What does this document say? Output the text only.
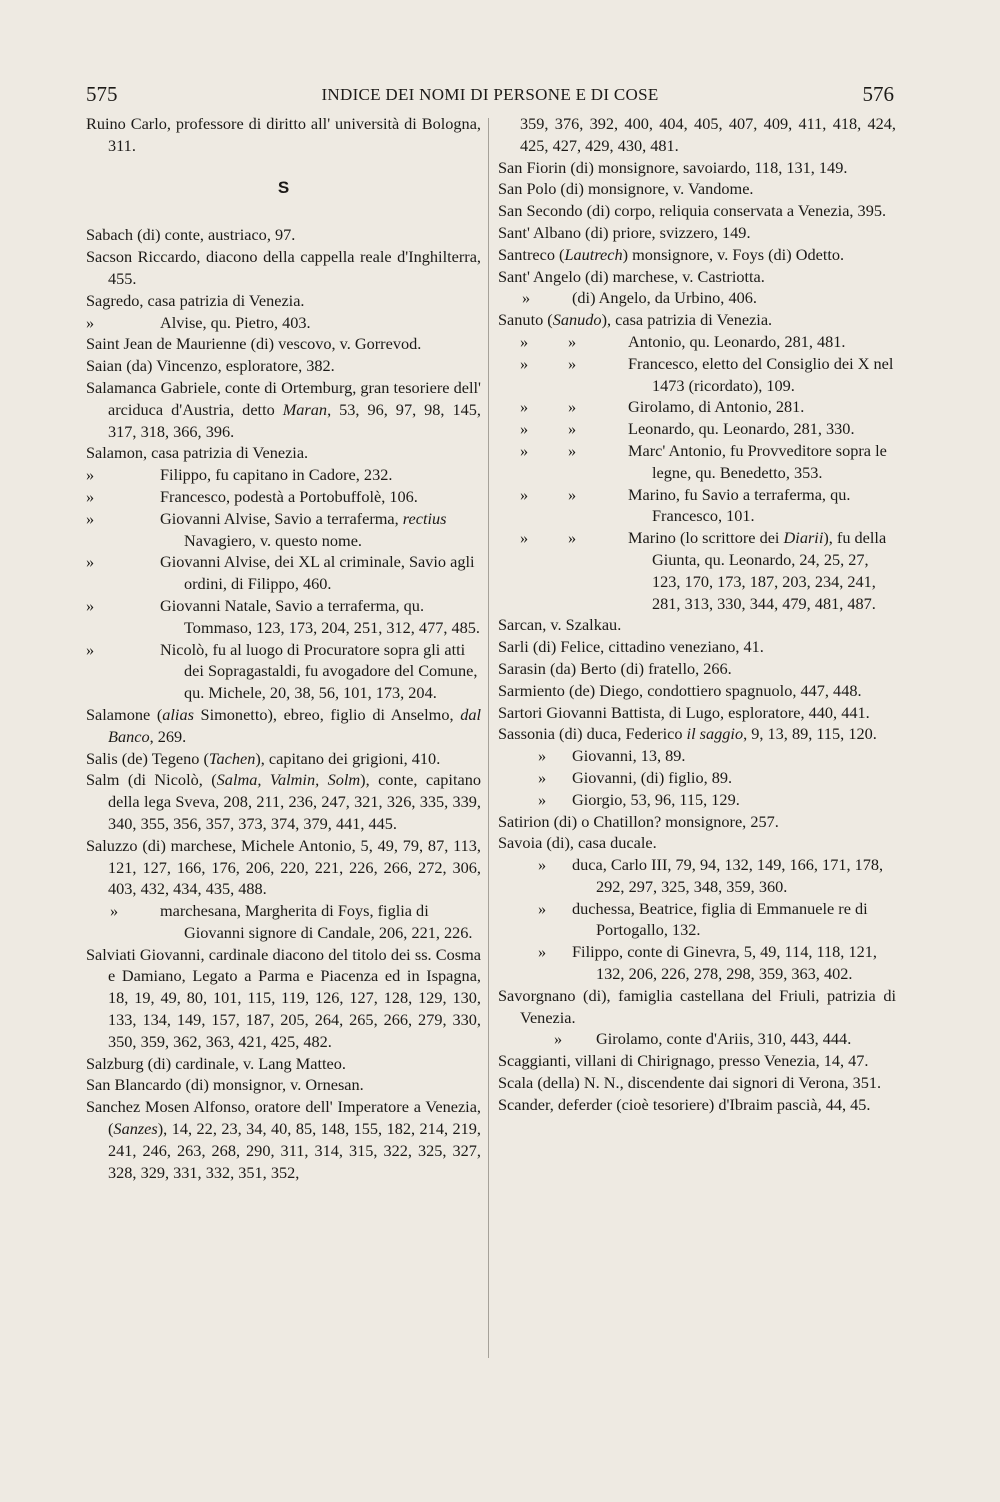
575	INDICE DEI NOMI DI PERSONE E DI COSE	576

Ruino Carlo, professore di diritto all' università di Bologna, 311.

S

Sabach (di) conte, austriaco, 97.

Sacson Riccardo, diacono della cappella reale d'Inghilterra, 455.

Sagredo, casa patrizia di Venezia.

»	Alvise, qu. Pietro, 403.

Saint Jean de Maurienne (di) vescovo, v. Gorrevod.

Saian (da) Vincenzo, esploratore, 382.

Salamanca Gabriele, conte di Ortemburg, gran tesoriere dell' arciduca d'Austria, detto Maran, 53, 96, 97, 98, 145, 317, 318, 366, 396.

Salamon, casa patrizia di Venezia.

»	Filippo, fu capitano in Cadore, 232.
»	Francesco, podestà a Portobuffolè, 106.
»	Giovanni Alvise, Savio a terraferma, rectius Navagiero, v. questo nome.
»	Giovanni Alvise, dei XL al criminale, Savio agli ordini, di Filippo, 460.
»	Giovanni Natale, Savio a terraferma, qu. Tommaso, 123, 173, 204, 251, 312, 477, 485.
»	Nicolò, fu al luogo di Procuratore sopra gli atti dei Sopragastaldi, fu avogadore del Comune, qu. Michele, 20, 38, 56, 101, 173, 204.

Salamone (alias Simonetto), ebreo, figlio di Anselmo, dal Banco, 269.

Salis (de) Tegeno (Tachen), capitano dei grigioni, 410.

Salm (di Nicolò, (Salma, Valmin, Solm), conte, capitano della lega Sveva, 208, 211, 236, 247, 321, 326, 335, 339, 340, 355, 356, 357, 373, 374, 379, 441, 445.

Saluzzo (di) marchese, Michele Antonio, 5, 49, 79, 87, 113, 121, 127, 166, 176, 206, 220, 221, 226, 266, 272, 306, 403, 432, 434, 435, 488.

»	marchesana, Margherita di Foys, figlia di Giovanni signore di Candale, 206, 221, 226.

Salviati Giovanni, cardinale diacono del titolo dei ss. Cosma e Damiano, Legato a Parma e Piacenza ed in Ispagna, 18, 19, 49, 80, 101, 115, 119, 126, 127, 128, 129, 130, 133, 134, 149, 157, 187, 205, 264, 265, 266, 279, 330, 350, 359, 362, 363, 421, 425, 482.

Salzburg (di) cardinale, v. Lang Matteo.

San Blancardo (di) monsignor, v. Ornesan.

Sanchez Mosen Alfonso, oratore dell' Imperatore a Venezia, (Sanzes), 14, 22, 23, 34, 40, 85, 148, 155, 182, 214, 219, 241, 246, 263, 268, 290, 311, 314, 315, 322, 325, 327, 328, 329, 331, 332, 351, 352,

359, 376, 392, 400, 404, 405, 407, 409, 411, 418, 424, 425, 427, 429, 430, 481.

San Fiorin (di) monsignore, savoiardo, 118, 131, 149.

San Polo (di) monsignore, v. Vandome.

San Secondo (di) corpo, reliquia conservata a Venezia, 395.

Sant' Albano (di) priore, svizzero, 149.

Santreco (Lautrech) monsignore, v. Foys (di) Odetto.

Sant' Angelo (di) marchese, v. Castriotta.

»	(di) Angelo, da Urbino, 406.

Sanuto (Sanudo), casa patrizia di Venezia.

» »	Antonio, qu. Leonardo, 281, 481.
» »	Francesco, eletto del Consiglio dei X nel 1473 (ricordato), 109.
» »	Girolamo, di Antonio, 281.
» »	Leonardo, qu. Leonardo, 281, 330.
» »	Marc' Antonio, fu Provveditore sopra le legne, qu. Benedetto, 353.
» »	Marino, fu Savio a terraferma, qu. Francesco, 101.
» »	Marino (lo scrittore dei Diarii), fu della Giunta, qu. Leonardo, 24, 25, 27, 123, 170, 173, 187, 203, 234, 241, 281, 313, 330, 344, 479, 481, 487.

Sarcan, v. Szalkau.

Sarli (di) Felice, cittadino veneziano, 41.

Sarasin (da) Berto (di) fratello, 266.

Sarmiento (de) Diego, condottiero spagnuolo, 447, 448.

Sartori Giovanni Battista, di Lugo, esploratore, 440, 441.

Sassonia (di) duca, Federico il saggio, 9, 13, 89, 115, 120.

»	Giovanni, 13, 89.
»	Giovanni, (di) figlio, 89.
»	Giorgio, 53, 96, 115, 129.

Satirion (di) o Chatillon? monsignore, 257.

Savoia (di), casa ducale.

»	duca, Carlo III, 79, 94, 132, 149, 166, 171, 178, 292, 297, 325, 348, 359, 360.
»	duchessa, Beatrice, figlia di Emmanuele re di Portogallo, 132.
»	Filippo, conte di Ginevra, 5, 49, 114, 118, 121, 132, 206, 226, 278, 298, 359, 363, 402.

Savorgnano (di), famiglia castellana del Friuli, patrizia di Venezia.

»	Girolamo, conte d'Ariis, 310, 443, 444.

Scaggianti, villani di Chirignago, presso Venezia, 14, 47.

Scala (della) N. N., discendente dai signori di Verona, 351.

Scander, deferder (cioè tesoriere) d'Ibraim pascià, 44, 45.
